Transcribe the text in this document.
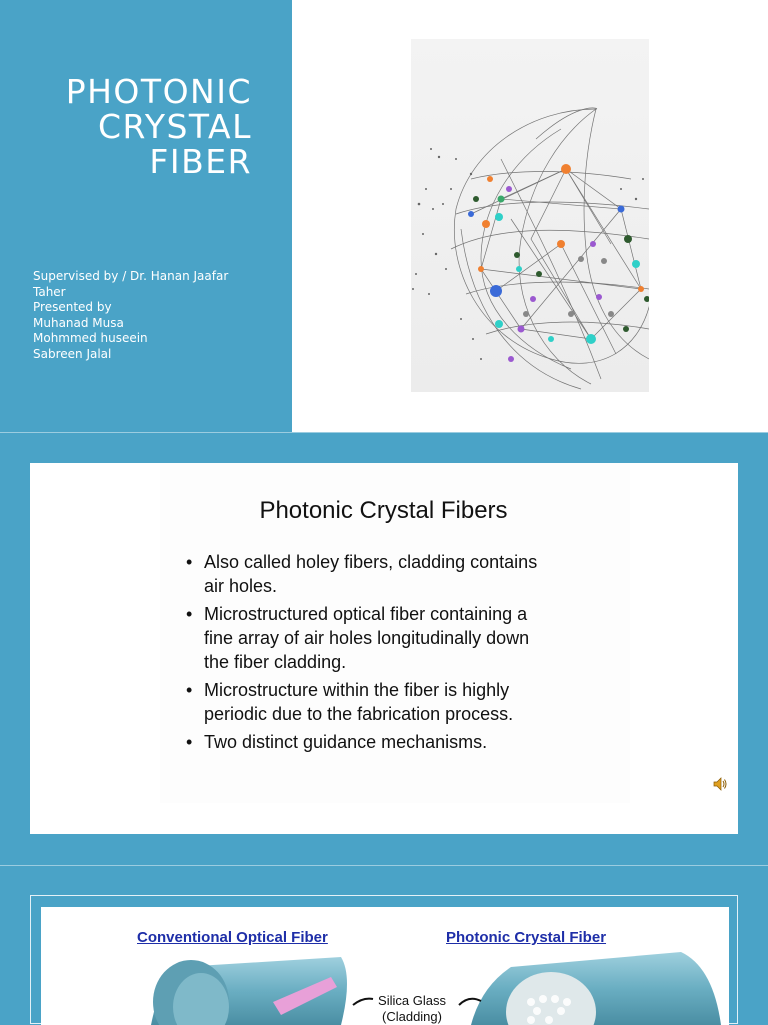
PHOTONIC
CRYSTAL
FIBER
Supervised by / Dr. Hanan Jaafar
Taher
Presented by
Muhanad Musa
Mohmmed huseein
Sabreen Jalal
Photonic Crystal Fibers
• Also called holey fibers, cladding contains
air holes.
• Microstructured optical fiber containing a
fine array of air holes longitudinally down
the fiber cladding.
• Microstructure within the fiber is highly
periodic due to the fabrication process.
• Two distinct guidance mechanisms.
Conventional Optical Fiber	Photonic Crystal Fiber
Silica Glass
(Cladding)
